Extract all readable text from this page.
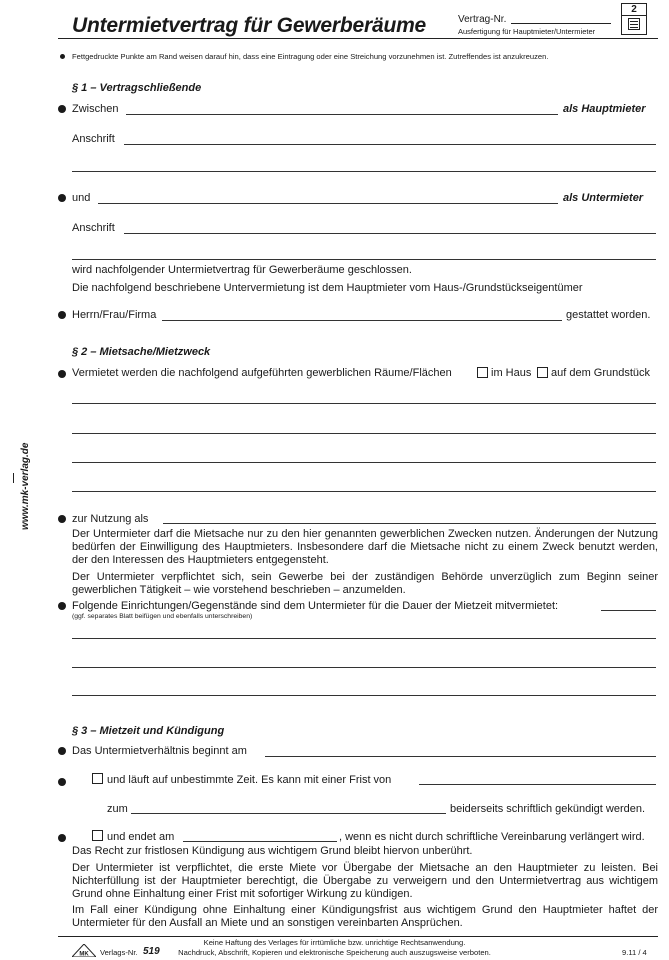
Untermietvertrag für Gewerberäume	Vertrag-Nr.
Ausfertigung für Hauptmieter/Untermieter
2
Fettgedruckte Punkte am Rand weisen darauf hin, dass eine Eintragung oder eine Streichung vorzunehmen ist. Zutreffendes ist anzukreuzen.
www.mk-verlag.de
§ 1 – Vertragschließende
Zwischen	als Hauptmieter
Anschrift
und	als Untermieter
Anschrift
wird nachfolgender Untermietvertrag für Gewerberäume geschlossen.
Die nachfolgend beschriebene Untervermietung ist dem Hauptmieter vom Haus-/Grundstückseigentümer
Herrn/Frau/Firma	gestattet worden.
§ 2 – Mietsache/Mietzweck
Vermietet werden die nachfolgend aufgeführten gewerblichen Räume/Flächen	im Haus auf dem Grundstück
zur Nutzung als
Der Untermieter darf die Mietsache nur zu den hier genannten gewerblichen Zwecken nutzen. Änderungen der Nutzung bedürfen der Einwilligung des Hauptmieters. Insbesondere darf die Mietsache nicht zu einem Zweck benutzt werden, der den Interessen des Hauptmieters entgegensteht.
Der Untermieter verpflichtet sich, sein Gewerbe bei der zuständigen Behörde unverzüglich zum Beginn seiner gewerblichen Tätigkeit – wie vorstehend beschrieben – anzumelden.
Folgende Einrichtungen/Gegenstände sind dem Untermieter für die Dauer der Mietzeit mitvermietet:
(ggf. separates Blatt beifügen und ebenfalls unterschreiben)
§ 3 – Mietzeit und Kündigung
Das Untermietverhältnis beginnt am
und läuft auf unbestimmte Zeit. Es kann mit einer Frist von
zum	beiderseits schriftlich gekündigt werden.
und endet am	, wenn es nicht durch schriftliche Vereinbarung verlängert wird.
Das Recht zur fristlosen Kündigung aus wichtigem Grund bleibt hiervon unberührt.
Der Untermieter ist verpflichtet, die erste Miete vor Übergabe der Mietsache an den Hauptmieter zu leisten. Bei Nichterfüllung ist der Hauptmieter berechtigt, die Übergabe zu verweigern und den Untermietvertrag aus wichtigem Grund ohne Einhaltung einer Frist mit sofortiger Wirkung zu kündigen.
Im Fall einer Kündigung ohne Einhaltung einer Kündigungsfrist aus wichtigem Grund den Hauptmieter haftet der Untermieter für den Ausfall an Miete und an sonstigen vereinbarten Ansprüchen.
MK Verlags-Nr. 519
Keine Haftung des Verlages für irrtümliche bzw. unrichtige Rechtsanwendung.
Nachdruck, Abschrift, Kopieren und elektronische Speicherung auch auszugsweise verboten.	9.11 / 4
